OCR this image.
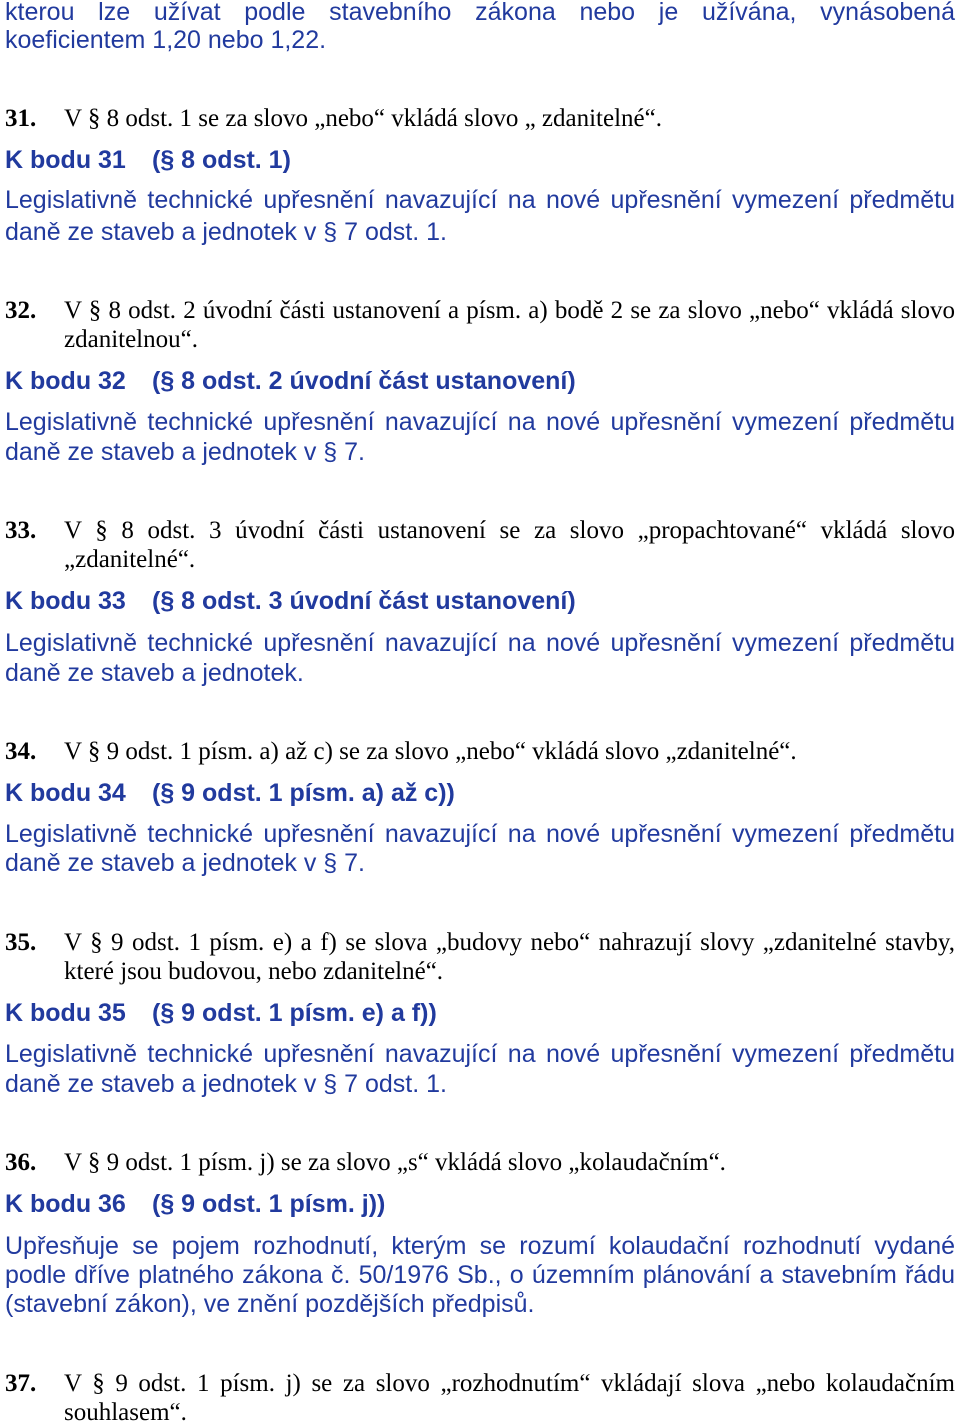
kterou lze užívat podle stavebního zákona nebo je užívána, vynásobená
koeficientem 1,20 nebo 1,22.
31. V § 8 odst. 1 se za slovo „nebo“ vkládá slovo „ zdanitelné“.
K bodu 31 (§ 8 odst. 1)
Legislativně technické upřesnění navazující na nové upřesnění vymezení předmětu
daně ze staveb a jednotek v § 7 odst. 1.
32. V § 8 odst. 2 úvodní části ustanovení a písm. a) bodě 2 se za slovo „nebo“ vkládá slovo
zdanitelnou“.
K bodu 32 (§ 8 odst. 2 úvodní část ustanovení)
Legislativně technické upřesnění navazující na nové upřesnění vymezení předmětu
daně ze staveb a jednotek v § 7.
33. V § 8 odst. 3 úvodní části ustanovení se za slovo „propachtované“ vkládá slovo
„zdanitelné“.
K bodu 33 (§ 8 odst. 3 úvodní část ustanovení)
Legislativně technické upřesnění navazující na nové upřesnění vymezení předmětu
daně ze staveb a jednotek.
34. V § 9 odst. 1 písm. a) až c) se za slovo „nebo“ vkládá slovo „zdanitelné“.
K bodu 34 (§ 9 odst. 1 písm. a) až c))
Legislativně technické upřesnění navazující na nové upřesnění vymezení předmětu
daně ze staveb a jednotek v § 7.
35. V § 9 odst. 1 písm. e) a f) se slova „budovy nebo“ nahrazují slovy „zdanitelné stavby,
které jsou budovou, nebo zdanitelné“.
K bodu 35 (§ 9 odst. 1 písm. e) a f))
Legislativně technické upřesnění navazující na nové upřesnění vymezení předmětu
daně ze staveb a jednotek v § 7 odst. 1.
36. V § 9 odst. 1 písm. j) se za slovo „s“ vkládá slovo „kolaudačním“.
K bodu 36 (§ 9 odst. 1 písm. j))
Upřesňuje se pojem rozhodnutí, kterým se rozumí kolaudační rozhodnutí vydané
podle dříve platného zákona č. 50/1976 Sb., o územním plánování a stavebním řádu
(stavební zákon), ve znění pozdějších předpisů.
37. V § 9 odst. 1 písm. j) se za slovo „rozhodnutím“ vkládají slova „nebo kolaudačním
souhlasem“.
